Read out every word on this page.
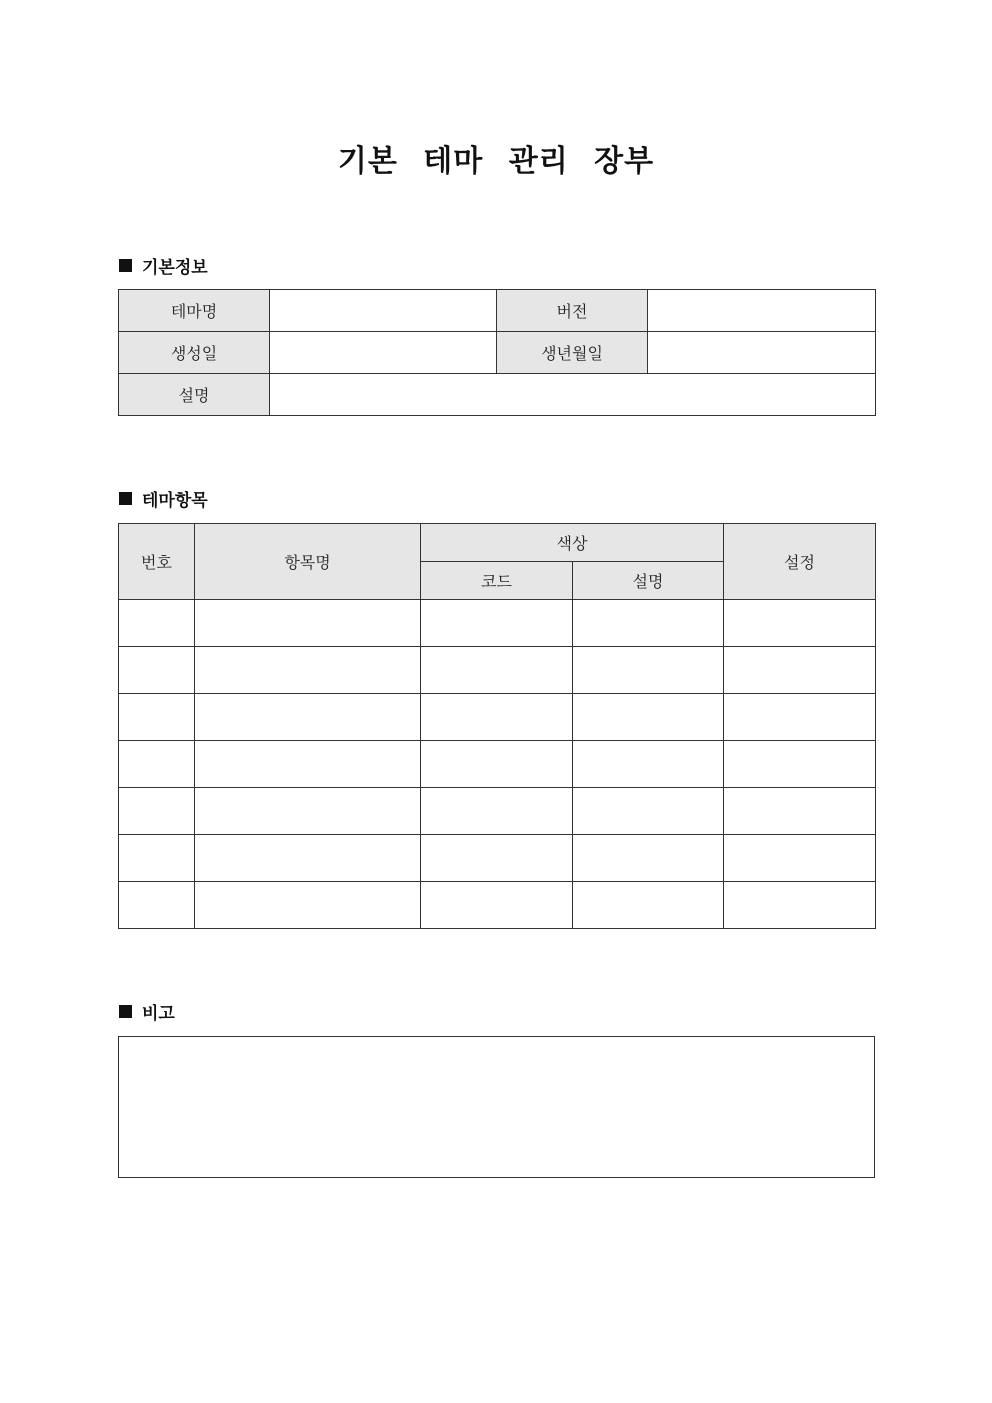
기본 테마 관리 장부
기본정보
테마명		버전	
생성일		생년월일	
설명			
테마항목
번호	항목명	색상		설정
		코드	설명	

비고
